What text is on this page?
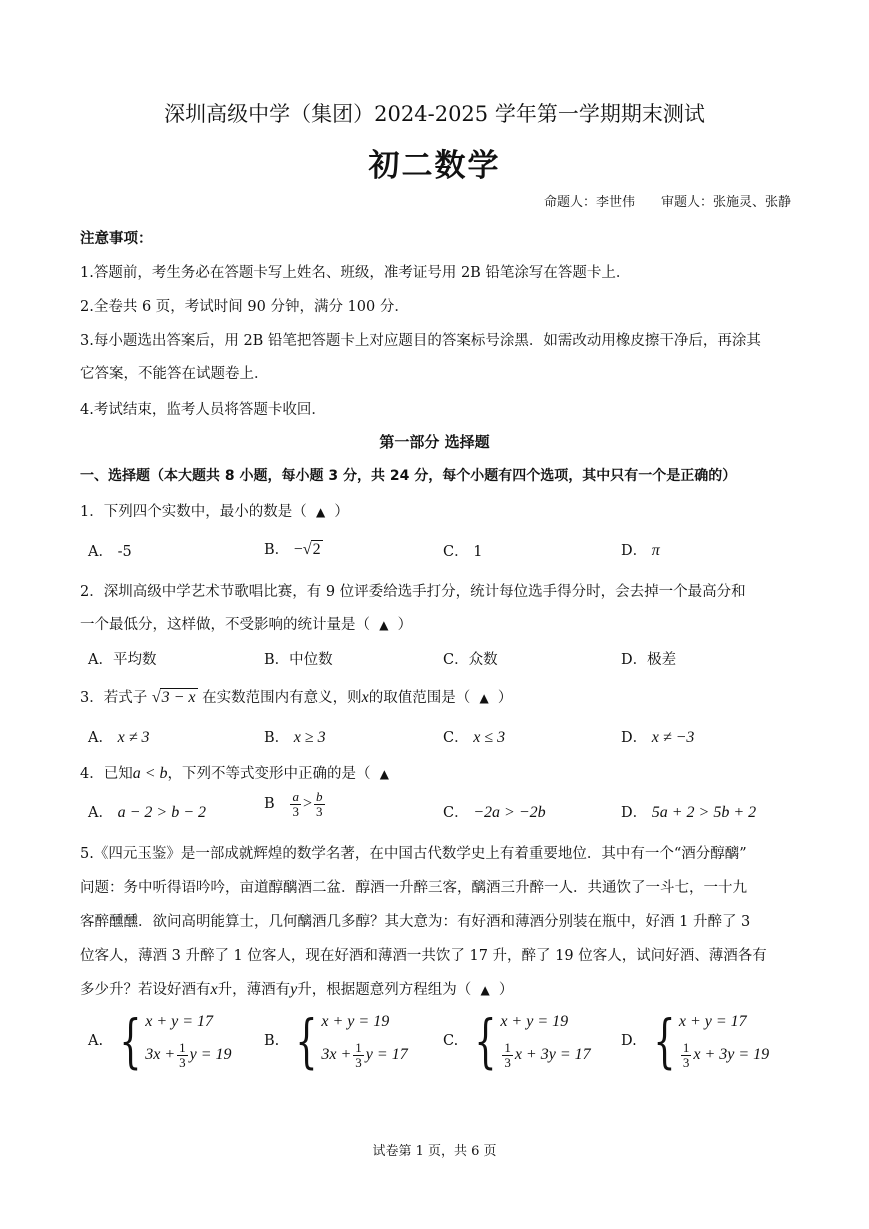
深圳高级中学（集团）2024-2025 学年第一学期期末测试
初二数学
命题人：李世伟 审题人：张施灵、张静
注意事项：
1.答题前，考生务必在答题卡写上姓名、班级，准考证号用 2B 铅笔涂写在答题卡上．
2.全卷共 6 页，考试时间 90 分钟，满分 100 分．
3.每小题选出答案后，用 2B 铅笔把答题卡上对应题目的答案标号涂黑．如需改动用橡皮擦干净后，再涂其
它答案，不能答在试题卷上．
4.考试结束，监考人员将答题卡收回．
第一部分 选择题
一、选择题（本大题共 8 小题，每小题 3 分，共 24 分，每个小题有四个选项，其中只有一个是正确的）
1．下列四个实数中，最小的数是（ ▲ ）
A． -5	B． −√2	C． 1	D． π
2．深圳高级中学艺术节歌唱比赛，有 9 位评委给选手打分，统计每位选手得分时，会去掉一个最高分和
一个最低分，这样做，不受影响的统计量是（ ▲ ）
A．平均数	B．中位数	C．众数	D．极差
3．若式子 √3 − x 在实数范围内有意义，则x的取值范围是（ ▲ ）
A． x ≠ 3	B． x ≥ 3	C． x ≤ 3	D． x ≠ −3
4．已知a < b，下列不等式变形中正确的是（ ▲
A． a − 2 > b − 2	B $\frac{a}{3} > \frac{b}{3}$	C． −2a > −2b	D． 5a + 2 > 5b + 2
5.《四元玉鉴》是一部成就辉煌的数学名著，在中国古代数学史上有着重要地位．其中有一个“酒分醇醨”
问题：务中听得语吟吟，亩道醇醨酒二盆．醇酒一升醉三客，醨酒三升醉一人．共通饮了一斗七，一十九
客醉醺醺．欲问高明能算士，几何醨酒几多醇？其大意为：有好酒和薄酒分别装在瓶中，好酒 1 升醉了 3
位客人，薄酒 3 升醉了 1 位客人，现在好酒和薄酒一共饮了 17 升，醉了 19 位客人，试问好酒、薄酒各有
多少升？若设好酒有x升，薄酒有y升，根据题意列方程组为（ ▲ ）
A. { x + y = 17
$3x + \frac{1}{3}$ y = 19
B. { x + y = 19
$3x + \frac{1}{3}$ y = 17
C. { x + y = 19
$\frac{1}{3}$ x + 3y = 17
D. { x + y = 17
$\frac{1}{3}$ x + 3y = 19
试卷第 1 页，共 6 页
